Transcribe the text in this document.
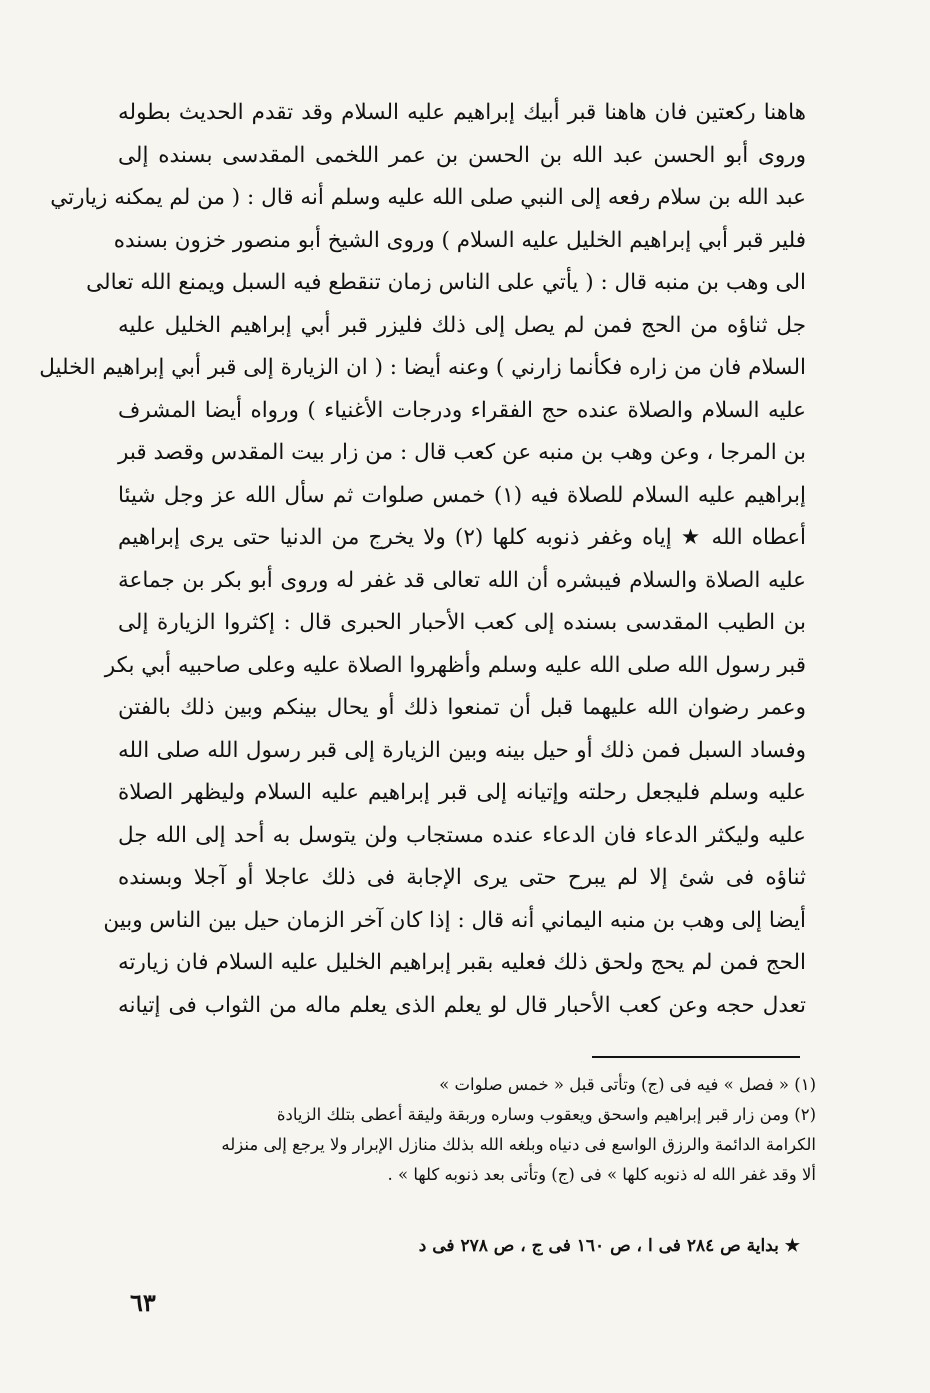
هاهنا ركعتين فان هاهنا قبر أبيك إبراهيم عليه السلام وقد تقدم الحديث بطوله
وروى أبو الحسن عبد الله بن الحسن بن عمر اللخمى المقدسى بسنده إلى
عبد الله بن سلام رفعه إلى النبي صلى الله عليه وسلم أنه قال : ( من لم يمكنه زيارتي
فلير قبر أبي إبراهيم الخليل عليه السلام ) وروى الشيخ أبو منصور خزون بسنده
الى وهب بن منبه قال : ( يأتي على الناس زمان تنقطع فيه السبل ويمنع الله تعالى
جل ثناؤه من الحج فمن لم يصل إلى ذلك فليزر قبر أبي إبراهيم الخليل عليه
السلام فان من زاره فكأنما زارني ) وعنه أيضا : ( ان الزيارة إلى قبر أبي إبراهيم الخليل
عليه السلام والصلاة عنده حج الفقراء ودرجات الأغنياء ) ورواه أيضا المشرف
بن المرجا ، وعن وهب بن منبه عن كعب قال : من زار بيت المقدس وقصد قبر
إبراهيم عليه السلام للصلاة فيه (١) خمس صلوات ثم سأل الله عز وجل شيئا
أعطاه الله ★ إياه وغفر ذنوبه كلها (٢) ولا يخرج من الدنيا حتى يرى إبراهيم
عليه الصلاة والسلام فيبشره أن الله تعالى قد غفر له وروى أبو بكر بن جماعة
بن الطيب المقدسى بسنده إلى كعب الأحبار الحبرى قال : إكثروا الزيارة إلى
قبر رسول الله صلى الله عليه وسلم وأظهروا الصلاة عليه وعلى صاحبيه أبي بكر
وعمر رضوان الله عليهما قبل أن تمنعوا ذلك أو يحال بينكم وبين ذلك بالفتن
وفساد السبل فمن ذلك أو حيل بينه وبين الزيارة إلى قبر رسول الله صلى الله
عليه وسلم فليجعل رحلته وإتيانه إلى قبر إبراهيم عليه السلام وليظهر الصلاة
عليه وليكثر الدعاء فان الدعاء عنده مستجاب ولن يتوسل به أحد إلى الله جل
ثناؤه فى شئ إلا لم يبرح حتى يرى الإجابة فى ذلك عاجلا أو آجلا وبسنده
أيضا إلى وهب بن منبه اليماني أنه قال : إذا كان آخر الزمان حيل بين الناس وبين
الحج فمن لم يحج ولحق ذلك فعليه بقبر إبراهيم الخليل عليه السلام فان زيارته
تعدل حجه وعن كعب الأحبار قال لو يعلم الذى يعلم ماله من الثواب فى إتيانه
(١) « فصل » فيه فى (ج) وتأتى قبل « خمس صلوات »
(٢) ومن زار قبر إبراهيم واسحق ويعقوب وساره وربقة وليقة أعطى بتلك الزيادة
الكرامة الدائمة والرزق الواسع فى دنياه وبلغه الله بذلك منازل الإبرار ولا يرجع إلى منزله
ألا وقد غفر الله له ذنوبه كلها » فى (ج) وتأتى بعد ذنوبه كلها » .
★ بداية ص ٢٨٤ فى ا ، ص ١٦٠ فى ج ، ص ٢٧٨ فى د
٦٣
